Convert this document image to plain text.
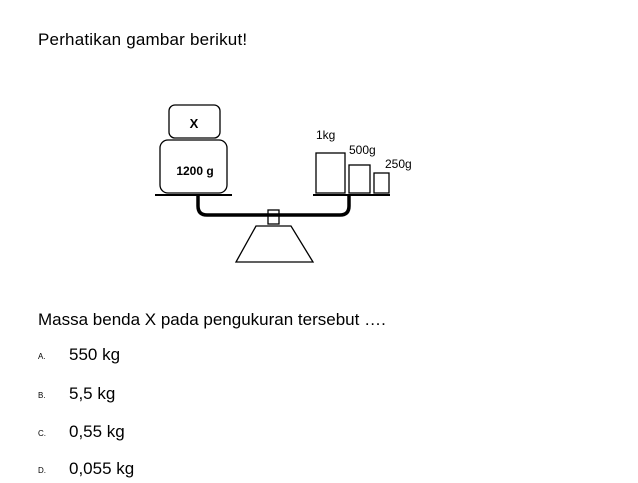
Perhatikan gambar berikut!
1200 g
X
1kg
500g
250g
Massa benda X pada pengukuran tersebut ….
A. 550 kg
B. 5,5 kg
C. 0,55 kg
D. 0,055 kg
